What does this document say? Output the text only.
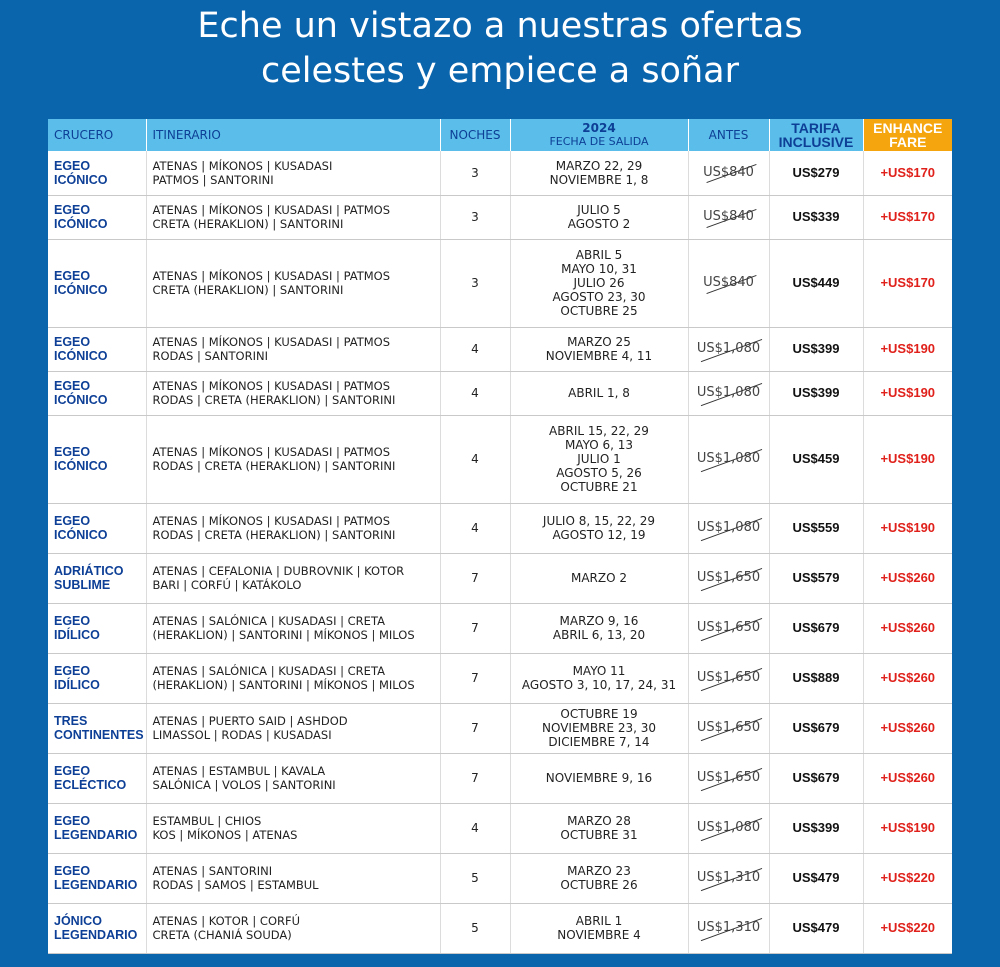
Eche un vistazo a nuestras ofertas
celestes y empiece a soñar
CRUCERO	ITINERARIO	NOCHES	2024
FECHA DE SALIDA	ANTES	TARIFA
INCLUSIVE	ENHANCE
FARE

EGEO
ICÓNICO	ATENAS | MÍKONOS | KUSADASI
PATMOS | SANTORINI	3	MARZO 22, 29
NOVIEMBRE 1, 8	US$840	US$279	+US$170

EGEO
ICÓNICO	ATENAS | MÍKONOS | KUSADASI | PATMOS
CRETA (HERAKLION) | SANTORINI	3	JULIO 5
AGOSTO 2	US$840	US$339	+US$170

EGEO
ICÓNICO	ATENAS | MÍKONOS | KUSADASI | PATMOS
CRETA (HERAKLION) | SANTORINI	3	ABRIL 5
MAYO 10, 31
JULIO 26
AGOSTO 23, 30
OCTUBRE 25	US$840	US$449	+US$170

EGEO
ICÓNICO	ATENAS | MÍKONOS | KUSADASI | PATMOS
RODAS | SANTORINI	4	MARZO 25
NOVIEMBRE 4, 11	US$1,080	US$399	+US$190

EGEO
ICÓNICO	ATENAS | MÍKONOS | KUSADASI | PATMOS
RODAS | CRETA (HERAKLION) | SANTORINI	4	ABRIL 1, 8	US$1,080	US$399	+US$190

EGEO
ICÓNICO	ATENAS | MÍKONOS | KUSADASI | PATMOS
RODAS | CRETA (HERAKLION) | SANTORINI	4	ABRIL 15, 22, 29
MAYO 6, 13
JULIO 1
AGOSTO 5, 26
OCTUBRE 21	US$1,080	US$459	+US$190

EGEO
ICÓNICO	ATENAS | MÍKONOS | KUSADASI | PATMOS
RODAS | CRETA (HERAKLION) | SANTORINI	4	JULIO 8, 15, 22, 29
AGOSTO 12, 19	US$1,080	US$559	+US$190

ADRIÁTICO
SUBLIME	ATENAS | CEFALONIA | DUBROVNIK | KOTOR
BARI | CORFÚ | KATÁKOLO	7	MARZO 2	US$1,650	US$579	+US$260

EGEO
IDÍLICO	ATENAS | SALÓNICA | KUSADASI | CRETA
(HERAKLION) | SANTORINI | MÍKONOS | MILOS	7	MARZO 9, 16
ABRIL 6, 13, 20	US$1,650	US$679	+US$260

EGEO
IDÍLICO	ATENAS | SALÓNICA | KUSADASI | CRETA
(HERAKLION) | SANTORINI | MÍKONOS | MILOS	7	MAYO 11
AGOSTO 3, 10, 17, 24, 31	US$1,650	US$889	+US$260

TRES
CONTINENTES	ATENAS | PUERTO SAID | ASHDOD
LIMASSOL | RODAS | KUSADASI	7	OCTUBRE 19
NOVIEMBRE 23, 30
DICIEMBRE 7, 14	US$1,650	US$679	+US$260

EGEO
ECLÉCTICO	ATENAS | ESTAMBUL | KAVALA
SALÓNICA | VOLOS | SANTORINI	7	NOVIEMBRE 9, 16	US$1,650	US$679	+US$260

EGEO
LEGENDARIO	ESTAMBUL | CHIOS
KOS | MÍKONOS | ATENAS	4	MARZO 28
OCTUBRE 31	US$1,080	US$399	+US$190

EGEO
LEGENDARIO	ATENAS | SANTORINI
RODAS | SAMOS | ESTAMBUL	5	MARZO 23
OCTUBRE 26	US$1,310	US$479	+US$220

JÓNICO
LEGENDARIO	ATENAS | KOTOR | CORFÚ
CRETA (CHANIÁ SOUDA)	5	ABRIL 1
NOVIEMBRE 4	US$1,310	US$479	+US$220
